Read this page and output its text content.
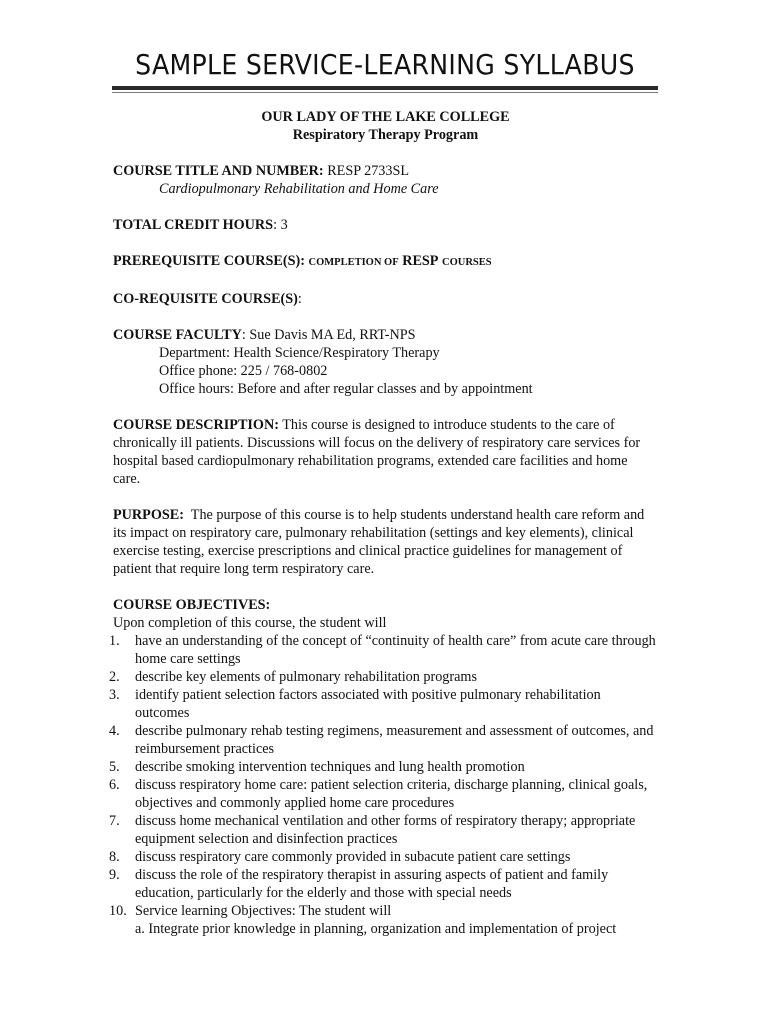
SAMPLE SERVICE-LEARNING SYLLABUS
OUR LADY OF THE LAKE COLLEGE
Respiratory Therapy Program
COURSE TITLE AND NUMBER: RESP 2733SL
Cardiopulmonary Rehabilitation and Home Care
TOTAL CREDIT HOURS: 3
PREREQUISITE COURSE(S): COMPLETION OF RESP COURSES
CO-REQUISITE COURSE(S):
COURSE FACULTY: Sue Davis MA Ed, RRT-NPS
Department: Health Science/Respiratory Therapy
Office phone: 225 / 768-0802
Office hours: Before and after regular classes and by appointment

COURSE DESCRIPTION: This course is designed to introduce students to the care of chronically ill patients. Discussions will focus on the delivery of respiratory care services for hospital based cardiopulmonary rehabilitation programs, extended care facilities and home care.

PURPOSE: The purpose of this course is to help students understand health care reform and its impact on respiratory care, pulmonary rehabilitation (settings and key elements), clinical exercise testing, exercise prescriptions and clinical practice guidelines for management of patient that require long term respiratory care.

COURSE OBJECTIVES:
Upon completion of this course, the student will
1.	have an understanding of the concept of “continuity of health care” from acute care through home care settings
2.	describe key elements of pulmonary rehabilitation programs
3.	identify patient selection factors associated with positive pulmonary rehabilitation outcomes
4.	describe pulmonary rehab testing regimens, measurement and assessment of outcomes, and reimbursement practices
5.	describe smoking intervention techniques and lung health promotion
6.	discuss respiratory home care: patient selection criteria, discharge planning, clinical goals, objectives and commonly applied home care procedures
7.	discuss home mechanical ventilation and other forms of respiratory therapy; appropriate equipment selection and disinfection practices
8.	discuss respiratory care commonly provided in subacute patient care settings
9.	discuss the role of the respiratory therapist in assuring aspects of patient and family education, particularly for the elderly and those with special needs
10. Service learning Objectives: The student will
a. Integrate prior knowledge in planning, organization and implementation of project
